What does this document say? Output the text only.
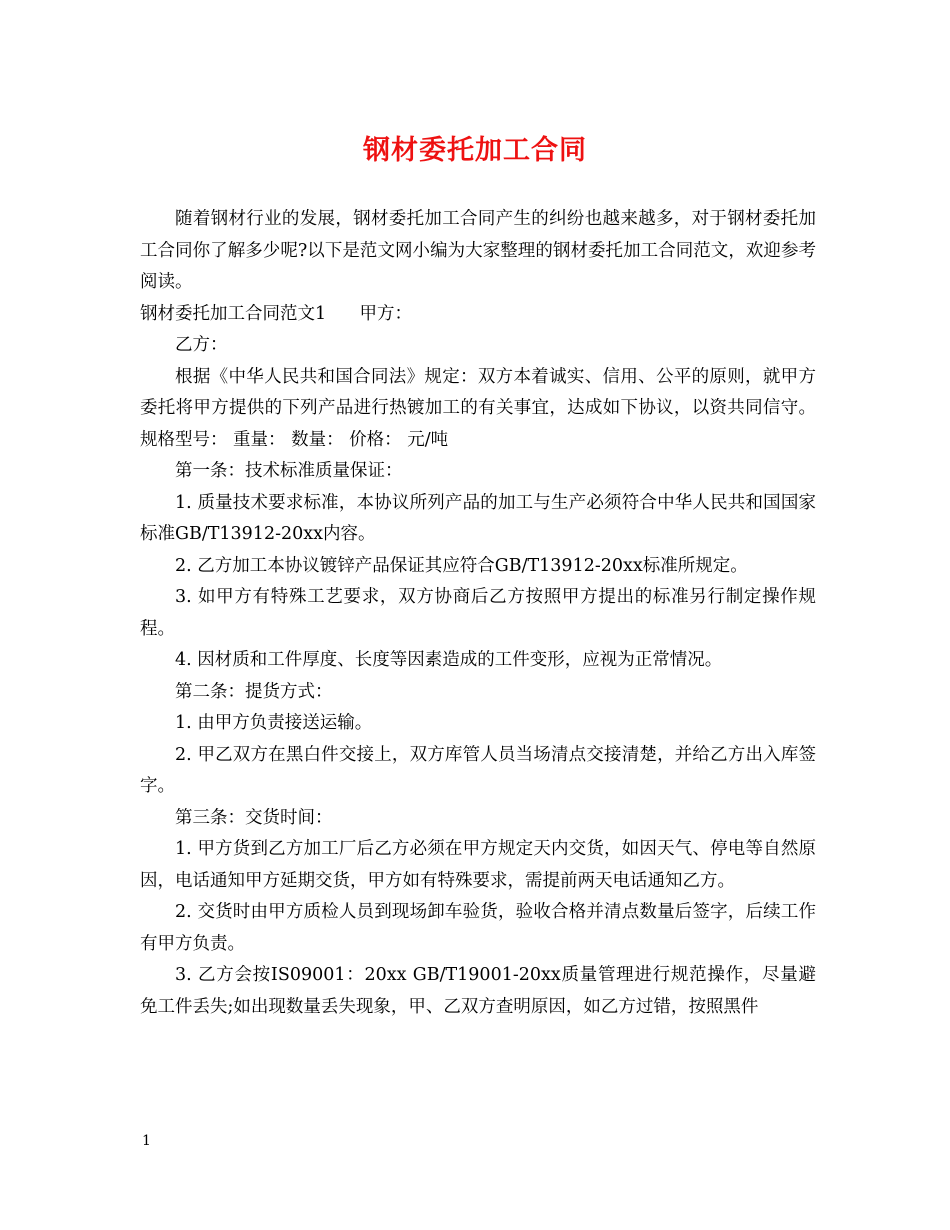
钢材委托加工合同

随着钢材行业的发展，钢材委托加工合同产生的纠纷也越来越多，对于钢材委托加工合同你了解多少呢?以下是范文网小编为大家整理的钢材委托加工合同范文，欢迎参考阅读。

钢材委托加工合同范文1 甲方：

乙方：

根据《中华人民共和国合同法》规定：双方本着诚实、信用、公平的原则，就甲方委托将甲方提供的下列产品进行热镀加工的有关事宜，达成如下协议，以资共同信守。规格型号： 重量： 数量： 价格： 元/吨

第一条：技术标准质量保证：

1. 质量技术要求标准，本协议所列产品的加工与生产必须符合中华人民共和国国家标准GB/T13912-20xx内容。

2. 乙方加工本协议镀锌产品保证其应符合GB/T13912-20xx标准所规定。

3. 如甲方有特殊工艺要求，双方协商后乙方按照甲方提出的标准另行制定操作规程。

4. 因材质和工件厚度、长度等因素造成的工件变形，应视为正常情况。

第二条：提货方式：

1. 由甲方负责接送运输。

2. 甲乙双方在黑白件交接上，双方库管人员当场清点交接清楚，并给乙方出入库签字。

第三条：交货时间：

1. 甲方货到乙方加工厂后乙方必须在甲方规定天内交货，如因天气、停电等自然原因，电话通知甲方延期交货，甲方如有特殊要求，需提前两天电话通知乙方。

2. 交货时由甲方质检人员到现场卸车验货，验收合格并清点数量后签字，后续工作有甲方负责。

3. 乙方会按IS09001：20xx GB/T19001-20xx质量管理进行规范操作，尽量避免工件丢失;如出现数量丢失现象，甲、乙双方查明原因，如乙方过错，按照黑件

1
